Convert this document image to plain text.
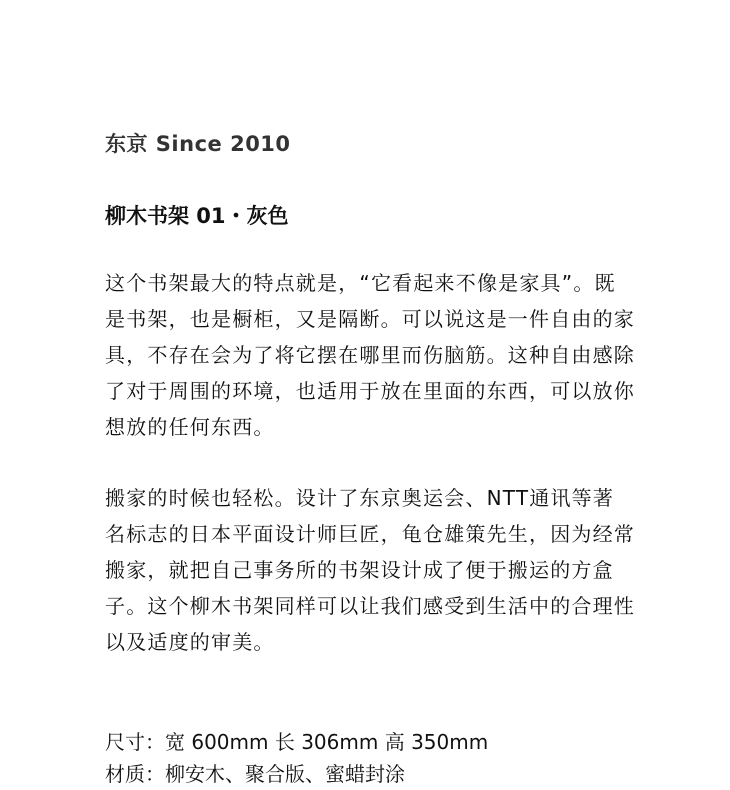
东京 Since 2010
柳木书架 01・灰色

这个书架最大的特点就是，“它看起来不像是家具”。既是书架，也是橱柜，又是隔断。可以说这是一件自由的家具，不存在会为了将它摆在哪里而伤脑筋。这种自由感除了对于周围的环境，也适用于放在里面的东西，可以放你想放的任何东西。

搬家的时候也轻松。设计了东京奥运会、NTT通讯等著名标志的日本平面设计师巨匠，龟仓雄策先生，因为经常搬家，就把自己事务所的书架设计成了便于搬运的方盒子。这个柳木书架同样可以让我们感受到生活中的合理性以及适度的审美。

尺寸：宽 600mm 长 306mm 高 350mm
材质：柳安木、聚合版、蜜蜡封涂
